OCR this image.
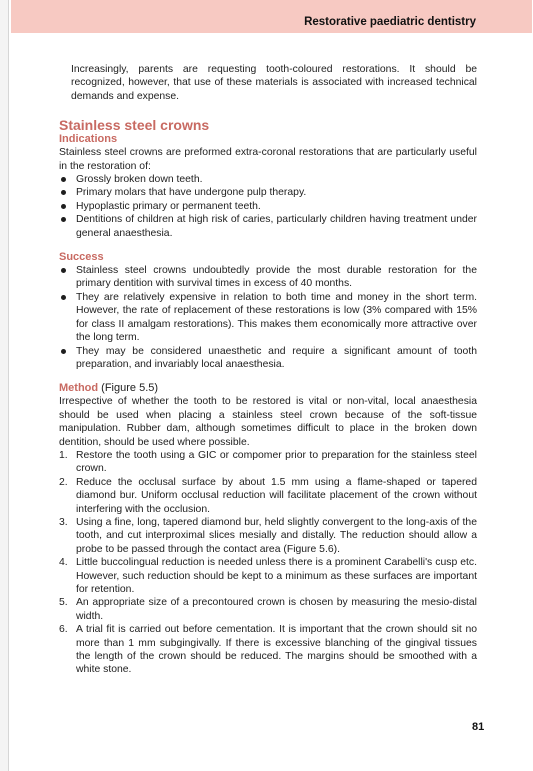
Restorative paediatric dentistry

Increasingly, parents are requesting tooth-coloured restorations. It should be recognized, however, that use of these materials is associated with increased technical demands and expense.

Stainless steel crowns
Indications

Stainless steel crowns are preformed extra-coronal restorations that are particularly useful in the restoration of:

Grossly broken down teeth.
Primary molars that have undergone pulp therapy.
Hypoplastic primary or permanent teeth.
Dentitions of children at high risk of caries, particularly children having treatment under general anaesthesia.
Success
Stainless steel crowns undoubtedly provide the most durable restoration for the primary dentition with survival times in excess of 40 months.
They are relatively expensive in relation to both time and money in the short term. However, the rate of replacement of these restorations is low (3% compared with 15% for class II amalgam restorations). This makes them economically more attractive over the long term.
They may be considered unaesthetic and require a significant amount of tooth preparation, and invariably local anaesthesia.
Method (Figure 5.5)

Irrespective of whether the tooth to be restored is vital or non-vital, local anaesthesia should be used when placing a stainless steel crown because of the soft-tissue manipulation. Rubber dam, although sometimes difficult to place in the broken down dentition, should be used where possible.

1. Restore the tooth using a GIC or compomer prior to preparation for the stainless steel crown.
2. Reduce the occlusal surface by about 1.5 mm using a flame-shaped or tapered diamond bur. Uniform occlusal reduction will facilitate placement of the crown without interfering with the occlusion.
3. Using a fine, long, tapered diamond bur, held slightly convergent to the long-axis of the tooth, and cut interproximal slices mesially and distally. The reduction should allow a probe to be passed through the contact area (Figure 5.6).
4. Little buccolingual reduction is needed unless there is a prominent Carabelli's cusp etc. However, such reduction should be kept to a minimum as these surfaces are important for retention.
5. An appropriate size of a precontoured crown is chosen by measuring the mesio-distal width.
6. A trial fit is carried out before cementation. It is important that the crown should sit no more than 1 mm subgingivally. If there is excessive blanching of the gingival tissues the length of the crown should be reduced. The margins should be smoothed with a white stone.
81
